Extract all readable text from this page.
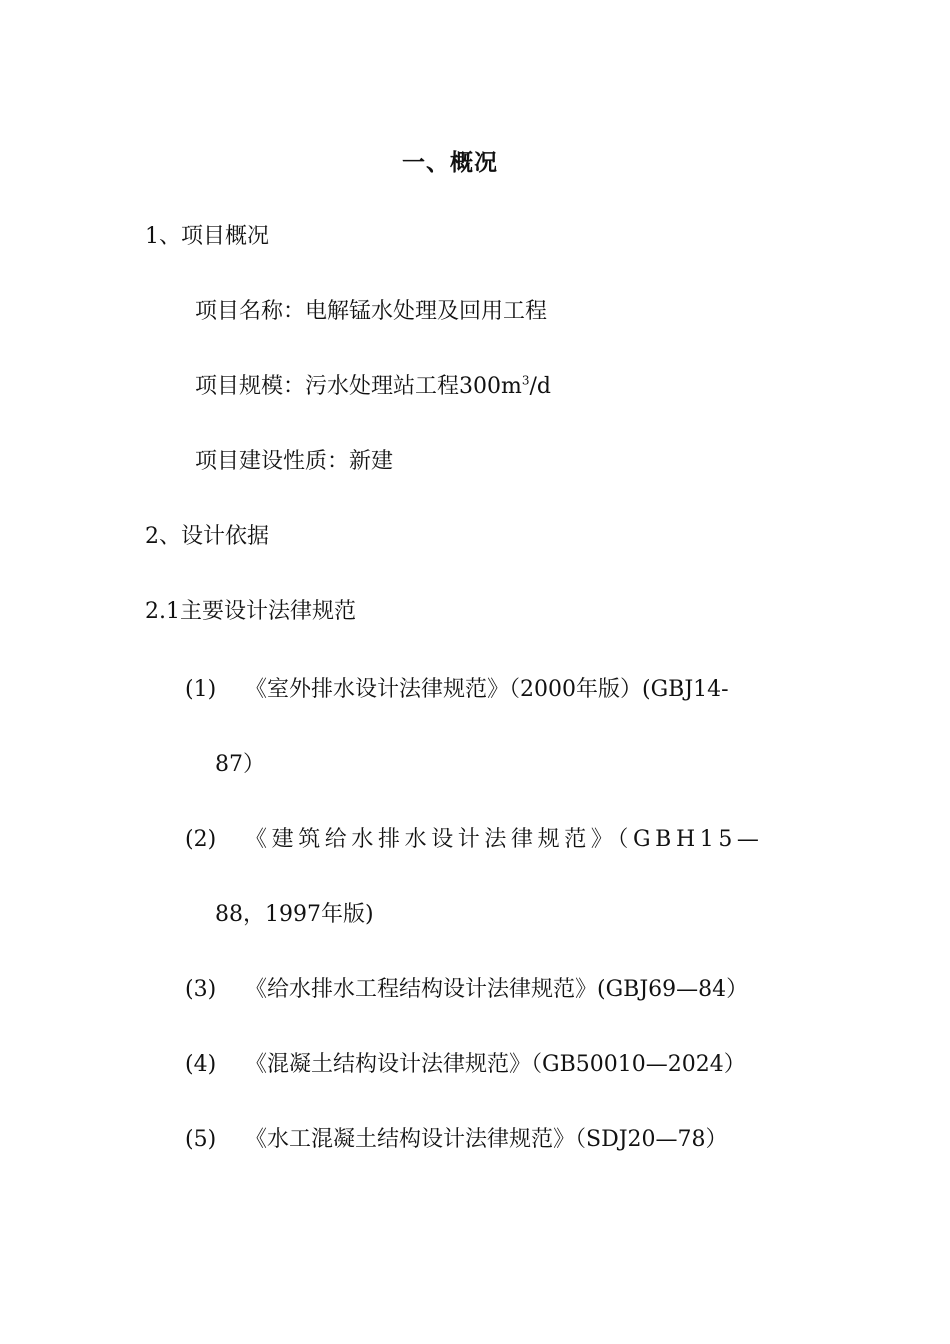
一、概况
1、项目概况
项目名称：电解锰水处理及回用工程
项目规模：污水处理站工程$300m^3/d$
项目建设性质：新建
2、设计依据
2.1主要设计法律规范
(1) 《室外排水设计法律规范》（2000年版）(GBJ14-
87）
(2) 《建筑给水排水设计法律规范》（GBH15—
88，1997年版)
(3) 《给水排水工程结构设计法律规范》(GBJ69—84）
(4) 《混凝土结构设计法律规范》（GB50010—2024）
(5) 《水工混凝土结构设计法律规范》（SDJ20—78）
